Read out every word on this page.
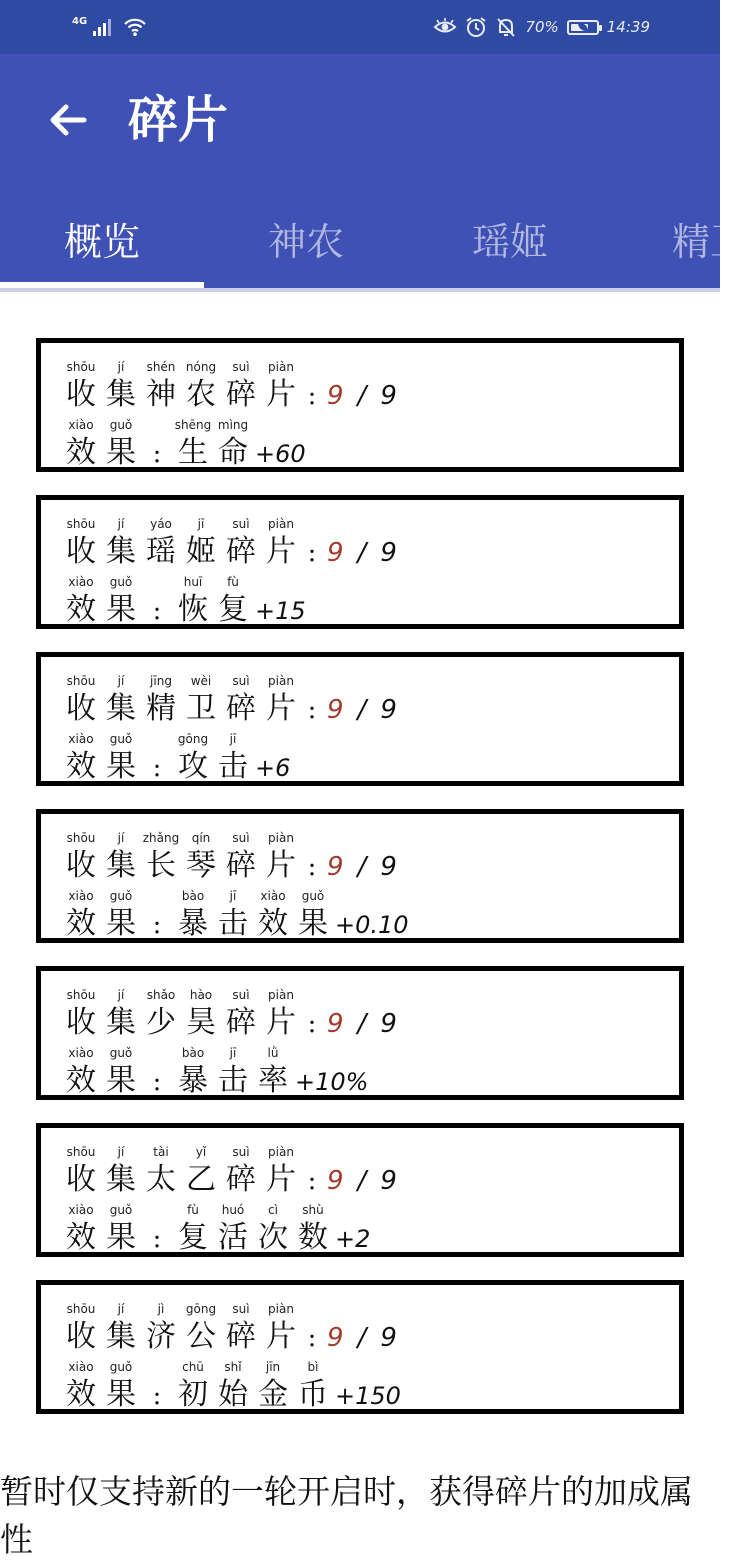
4G	70%	14:39
碎片
概览	神农	瑶姬	精卫
shōu
收
jí
集
shén
神
nóng
农
suì
碎
piàn
片 : 9 / 9
xiào
效
guǒ
果 :
shēng
生
mìng
命 +60
shōu
收
jí
集
yáo
瑶
jī
姬
suì
碎
piàn
片 : 9 / 9
xiào
效
guǒ
果 :
huī
恢
fù
复 +15
shōu
收
jí
集
jīng
精
wèi
卫
suì
碎
piàn
片 : 9 / 9
xiào
效
guǒ
果 :
gōng
攻
jī
击 +6
shōu
收
jí
集
zhǎng
长
qín
琴
suì
碎
piàn
片 : 9 / 9
xiào
效
guǒ
果 :
bào
暴
jī
击
xiào
效
guǒ
果 +0.10
shōu
收
jí
集
shǎo
少
hào
昊
suì
碎
piàn
片 : 9 / 9
xiào
效
guǒ
果 :
bào
暴
jī
击
lǜ
率 +10%
shōu
收
jí
集
tài
太
yǐ
乙
suì
碎
piàn
片 : 9 / 9
xiào
效
guǒ
果 :
fù
复
huó
活
cì
次
shù
数 +2
shōu
收
jí
集
jì
济
gōng
公
suì
碎
piàn
片 : 9 / 9
xiào
效
guǒ
果 :
chū
初
shǐ
始
jīn
金
bì
币 +150
暂时仅支持新的一轮开启时，获得碎片的加成属性
